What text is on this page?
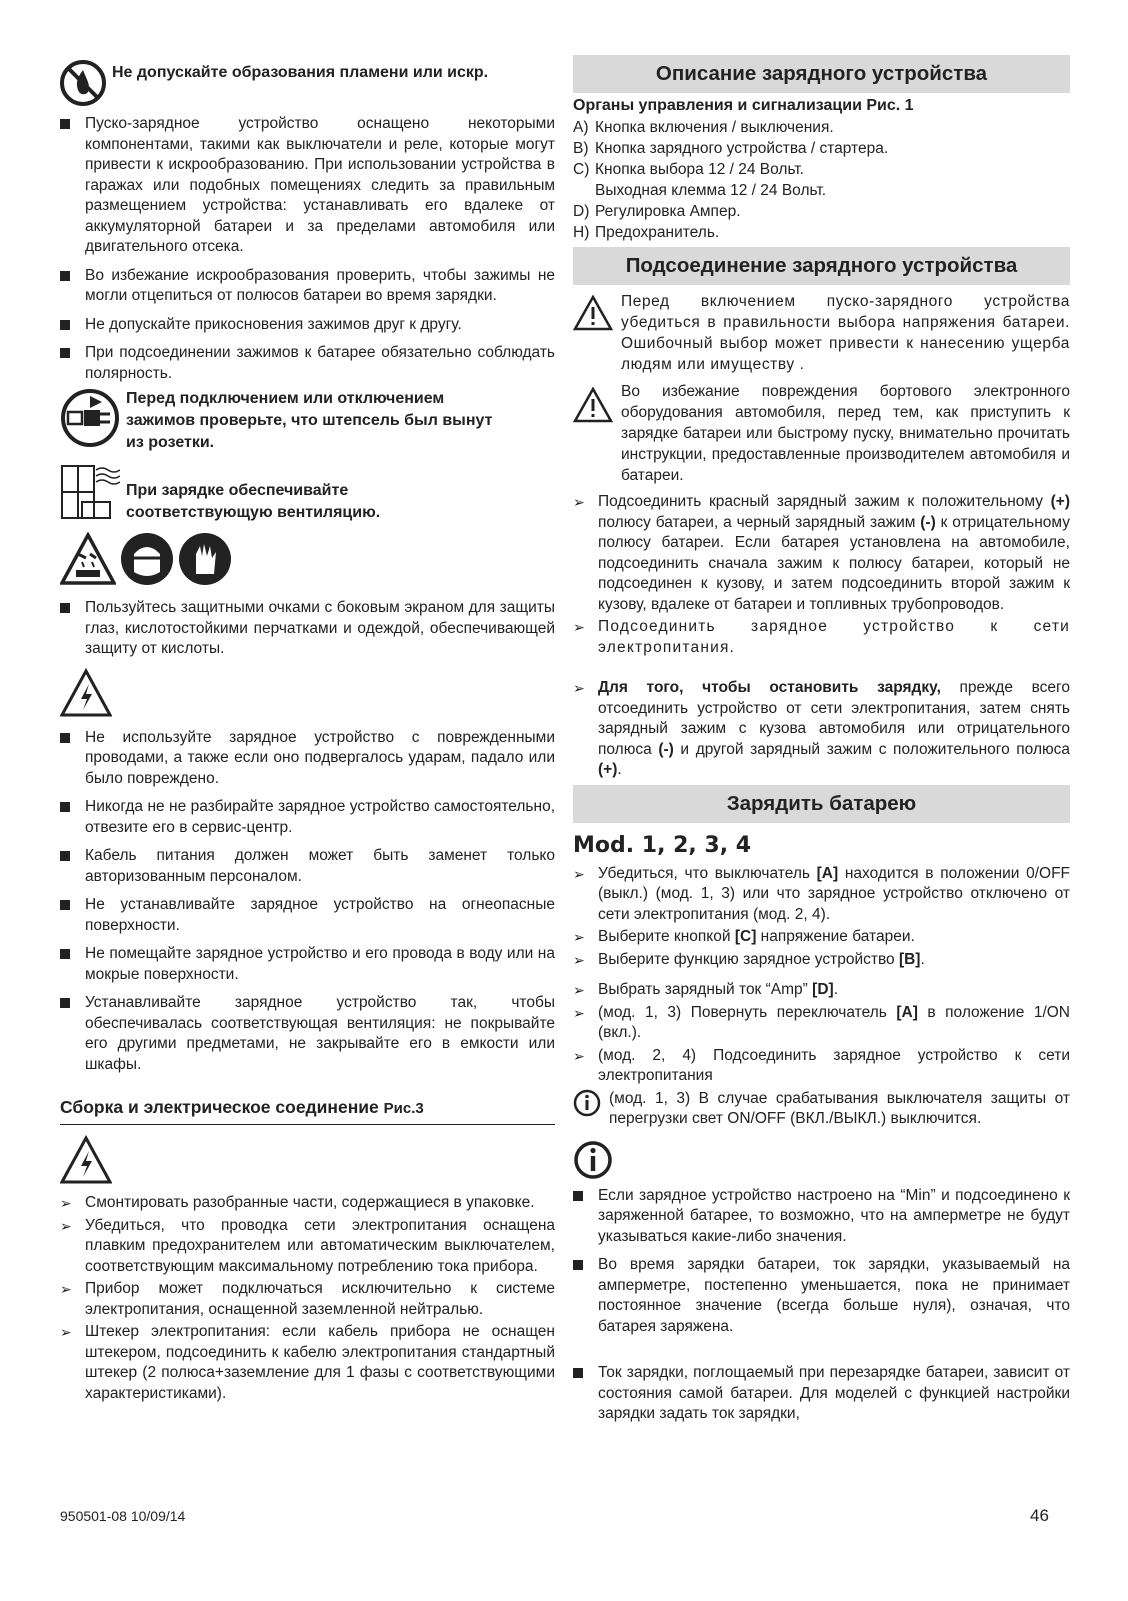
Не допускайте образования пламени или искр.
Пуско-зарядное устройство оснащено некоторыми компонентами, такими как выключатели и реле, которые могут привести к искрообразованию. При использовании устройства в гаражах или подобных помещениях следить за правильным размещением устройства: устанавливать его вдалеке от аккумуляторной батареи и за пределами автомобиля или двигательного отсека.
Во избежание искрообразования проверить, чтобы зажимы не могли отцепиться от полюсов батареи во время зарядки.
Не допускайте прикосновения зажимов друг к другу.
При подсоединении зажимов к батарее обязательно соблюдать полярность.
Перед подключением или отключением зажимов проверьте, что штепсель был вынут из розетки.
При зарядке обеспечивайте соответствующую вентиляцию.
Пользуйтесь защитными очками с боковым экраном для защиты глаз, кислотостойкими перчатками и одеждой, обеспечивающей защиту от кислоты.
Не используйте зарядное устройство с поврежденными проводами, а также если оно подвергалось ударам, падало или было повреждено.
Никогда не не разбирайте зарядное устройство самостоятельно, отвезите его в сервис-центр.
Кабель питания должен может быть заменет только авторизованным персоналом.
Не устанавливайте зарядное устройство на огнеопасные поверхности.
Не помещайте зарядное устройство и его провода в воду или на мокрые поверхности.
Устанавливайте зарядное устройство так, чтобы обеспечивалась соответствующая вентиляция: не покрывайте его другими предметами, не закрывайте его в емкости или шкафы.
Сборка и электрическое соединение Рис.3
➢ Смонтировать разобранные части, содержащиеся в упаковке.
➢ Убедиться, что проводка сети электропитания оснащена плавким предохранителем или автоматическим выключателем, соответствующим максимальному потреблению тока прибора.
➢ Прибор может подключаться исключительно к системе электропитания, оснащенной заземленной нейтралью.
➢ Штекер электропитания: если кабель прибора не оснащен штекером, подсоединить к кабелю электропитания стандартный штекер (2 полюса+заземление для 1 фазы с соответствующими характеристиками).
Описание зарядного устройства
Органы управления и сигнализации Рис. 1
A) Кнопка включения / выключения.
B) Кнопка зарядного устройства / стартера.
C) Кнопка выбора 12 / 24 Вольт.
Выходная клемма 12 / 24 Вольт.
D) Регулировка Ампер.
H) Предохранитель.
Подсоединение зарядного устройства
Перед включением пуско-зарядного устройства убедиться в правильности выбора напряжения батареи. Ошибочный выбор может привести к нанесению ущерба людям или имуществу .
Во избежание повреждения бортового электронного оборудования автомобиля, перед тем, как приступить к зарядке батареи или быстрому пуску, внимательно прочитать инструкции, предоставленные производителем автомобиля и батареи.
➢ Подсоединить красный зарядный зажим к положительному (+) полюсу батареи, а черный зарядный зажим (-) к отрицательному полюсу батареи. Если батарея установлена на автомобиле, подсоединить сначала зажим к полюсу батареи, который не подсоединен к кузову, и затем подсоединить второй зажим к кузову, вдалеке от батареи и топливных трубопроводов.
➢ Подсоединить зарядное устройство к сети электропитания.
➢ Для того, чтобы остановить зарядку, прежде всего отсоединить устройство от сети электропитания, затем снять зарядный зажим с кузова автомобиля или отрицательного полюса (-) и другой зарядный зажим с положительного полюса (+).
Зарядить батарею
Mod. 1, 2, 3, 4
➢ Убедиться, что выключатель [A] находится в положении 0/OFF (выкл.) (мод. 1, 3) или что зарядное устройство отключено от сети электропитания (мод. 2, 4).
➢ Выберите кнопкой [C] напряжение батареи.
➢ Выберите функцию зарядное устройство [B].
➢ Выбрать зарядный ток “Amp” [D].
➢ (мод. 1, 3) Повернуть переключатель [A] в положение 1/ON (вкл.).
➢ (мод. 2, 4) Подсоединить зарядное устройство к сети электропитания
(мод. 1, 3) В случае срабатывания выключателя защиты от перегрузки свет ON/OFF (ВКЛ./ВЫКЛ.) выключится.
Если зарядное устройство настроено на “Min” и подсоединено к заряженной батарее, то возможно, что на амперметре не будут указываться какие-либо значения.
Во время зарядки батареи, ток зарядки, указываемый на амперметре, постепенно уменьшается, пока не принимает постоянное значение (всегда больше нуля), означая, что батарея заряжена.
Ток зарядки, поглощаемый при перезарядке батареи, зависит от состояния самой батареи. Для моделей с функцией настройки зарядки задать ток зарядки,
950501-08 10/09/14	46
